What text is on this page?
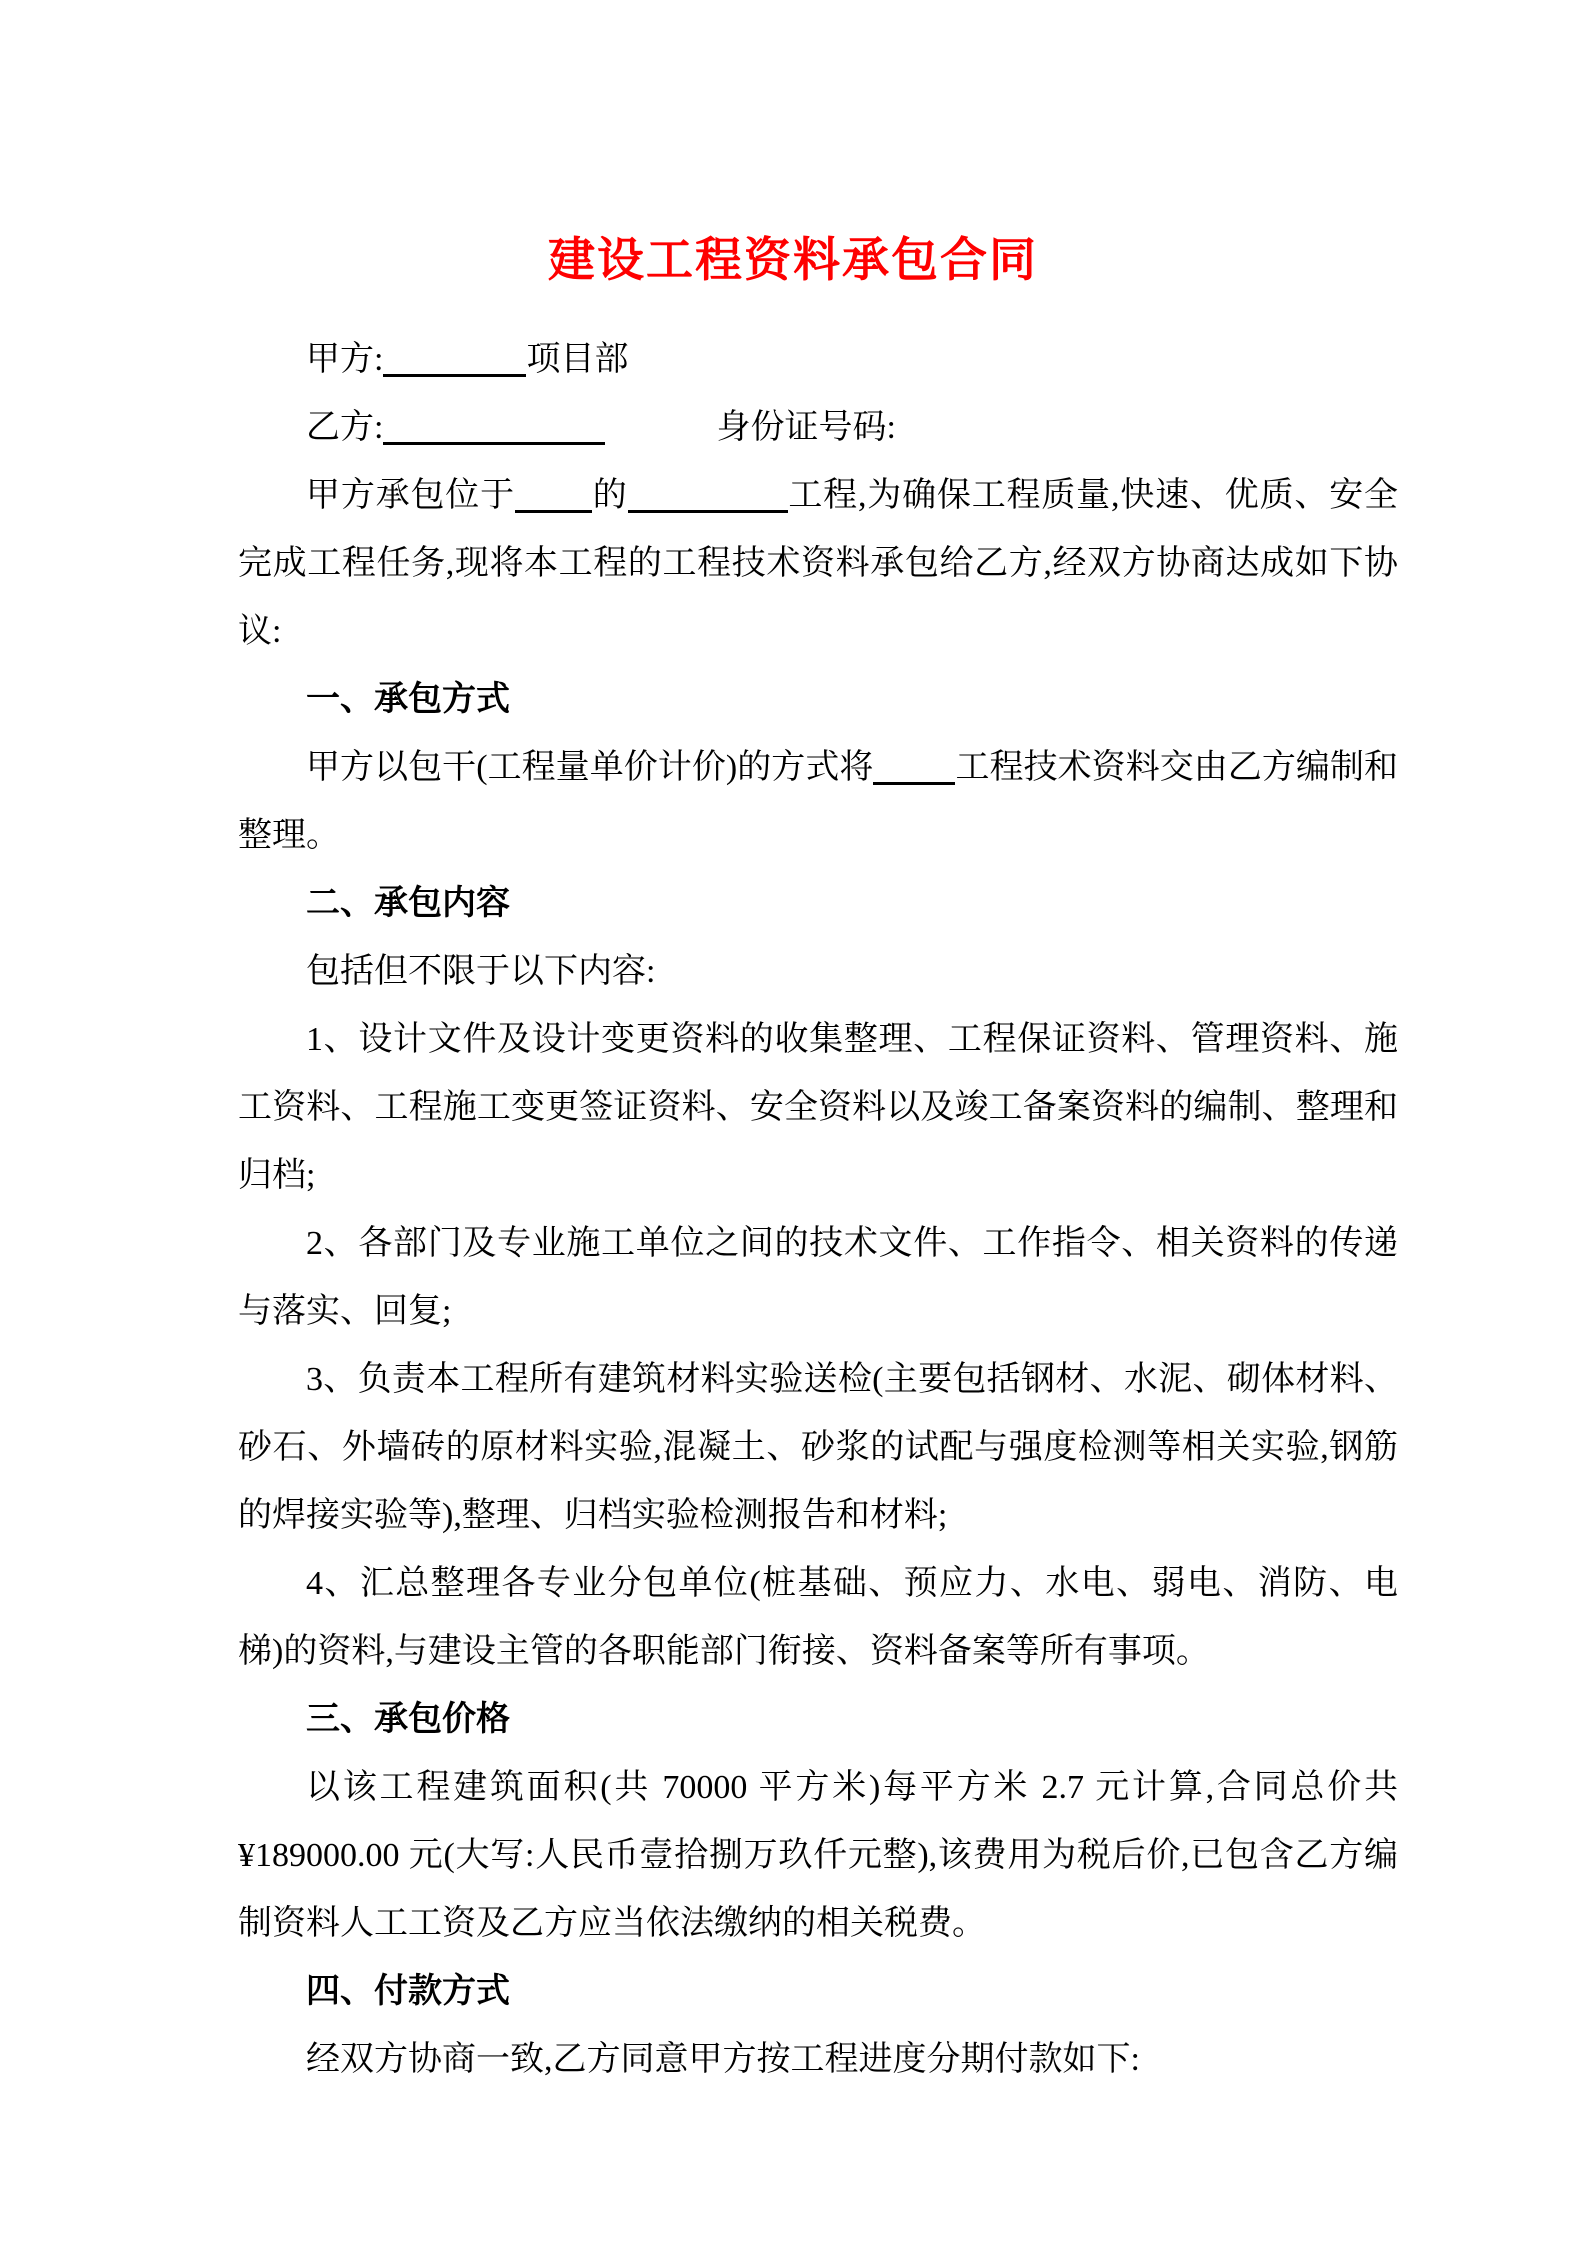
建设工程资料承包合同

甲方:	项目部

乙方:	身份证号码:

甲方承包位于 的	工程,为确保工程质量,快速、优质、安全完成工程任务,现将本工程的工程技术资料承包给乙方,经双方协商达成如下协议:

一、承包方式

甲方以包干(工程量单价计价)的方式将 工程技术资料交由乙方编制和整理。

二、承包内容

包括但不限于以下内容:

1、设计文件及设计变更资料的收集整理、工程保证资料、管理资料、施工资料、工程施工变更签证资料、安全资料以及竣工备案资料的编制、整理和归档;

2、各部门及专业施工单位之间的技术文件、工作指令、相关资料的传递与落实、回复;

3、负责本工程所有建筑材料实验送检(主要包括钢材、水泥、砌体材料、砂石、外墙砖的原材料实验,混凝土、砂浆的试配与强度检测等相关实验,钢筋的焊接实验等),整理、归档实验检测报告和材料;

4、汇总整理各专业分包单位(桩基础、预应力、水电、弱电、消防、电梯)的资料,与建设主管的各职能部门衔接、资料备案等所有事项。

三、承包价格

以该工程建筑面积(共 70000 平方米)每平方米 2.7 元计算,合同总价共¥189000.00 元(大写:人民币壹拾捌万玖仟元整),该费用为税后价,已包含乙方编制资料人工工资及乙方应当依法缴纳的相关税费。

四、付款方式

经双方协商一致,乙方同意甲方按工程进度分期付款如下:
